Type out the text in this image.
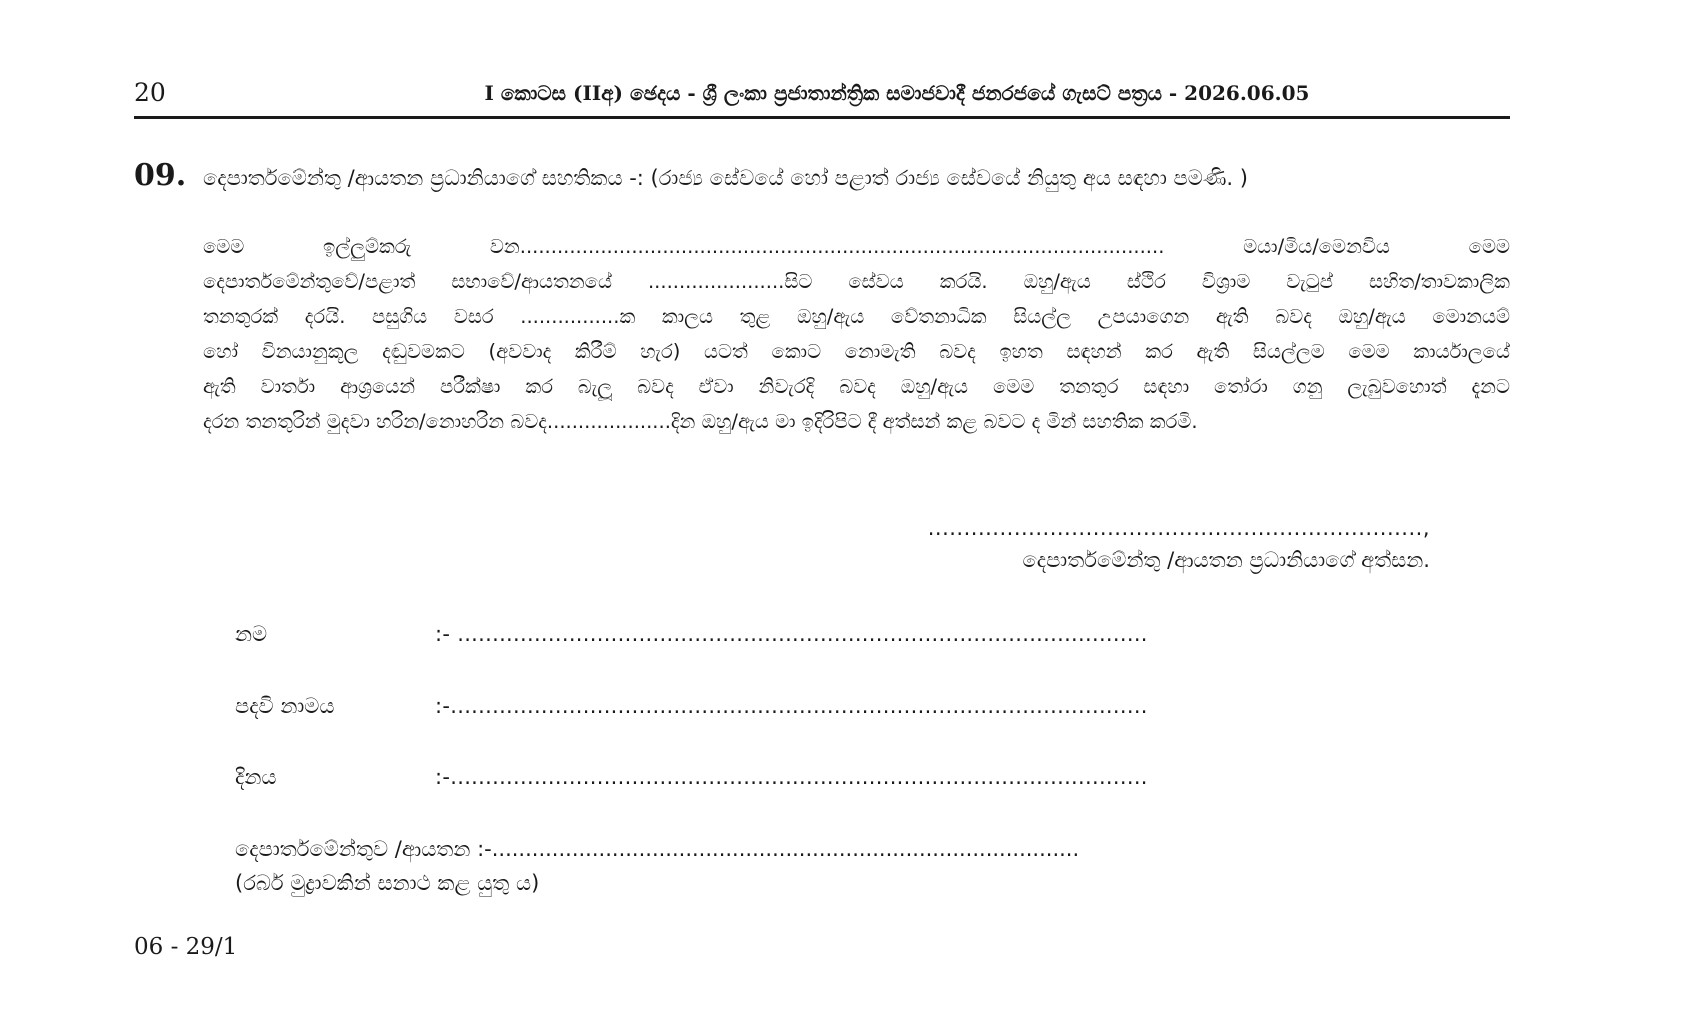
20	I කොටස (IIඅ) ඡෙදය - ශ්‍රී ලංකා ප්‍රජාතාන්ත්‍රික සමාජවාදී ජනරජයේ ගැසට් පත්‍රය - 2026.06.05
09. දෙපාර්තමේන්තු /ආයතන ප්‍රධානියාගේ සහතිකය -: (රාජ්‍ය සේවයේ හෝ පළාත් රාජ්‍ය සේවයේ නියුතු අය සඳහා පමණි. )
මෙම ඉල්ලුම්කරු වන........................................................................................................ මයා/මිය/මෙනවිය මෙම
දෙපාර්තමේන්තුවේ/පළාත් සභාවේ/ආයතනයේ ......................සිට සේවය කරයි. ඔහු/ඇය ස්ථිර විශ්‍රාම වැටුප් සහිත/තාවකාලික
තනතුරක් දරයි. පසුගිය වසර ................ක කාලය තුළ ඔහු/ඇය වේතනාධික සියල්ල උපයාගෙන ඇති බවද ඔහු/ඇය මොනයම්
හෝ විනයානුකූල දඬුවමකට (අවවාද කිරීම් හැර) යටත් කොට නොමැති බවද ඉහත සඳහන් කර ඇති සියල්ලම මෙම කාර්යාලයේ
ඇති වාර්තා ආශ්‍රයෙන් පරීක්ෂා කර බැලූ බවද ඒවා නිවැරදි බවද ඔහු/ඇය මෙම තනතුර සඳහා තෝරා ගනු ලැබුවහොත් දැනට
දරන තනතුරින් මුදවා හරින/නොහරින බවද....................දින ඔහු/ඇය මා ඉදිරිපිට දී අත්සන් කළ බවට ද මින් සහතික කරමි.
.....................................................................,
දෙපාර්තමේන්තු /ආයතන ප්‍රධානියාගේ අත්සන.
නම	:- ...................................................................................................
පදවි නාමය	:-....................................................................................................
දිනය	:-....................................................................................................
දෙපාර්තමේන්තුව /ආයතන :-........................................................................................
(රබර් මුද්‍රාවකින් සනාථ කළ යුතු ය)
06 - 29/1
